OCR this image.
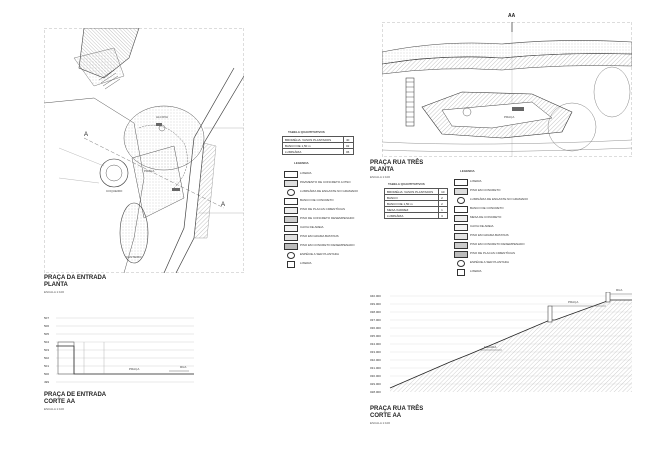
A
A
ALCOVA
PRAÇA
COQUEIRO
CANTEIRO
PRAÇA DA ENTRADA
PLANTA
ESCALA 1:100
TABELA QUANTITATIVOS
BROMÉLIA: VASOS PLANTADOS	40
BANCO DE 1,50 m	02
LUMINÁRIA	06
LEGENDA
LIXEIRA
PAVIMENTO DE CONCRETO A PISO
LUMINÁRIA DE ENGASTE NO GRAMADO
BANCO DE CONCRETO
PISO DE PLACAS CIMENTÍCIAS
PISO DE CONCRETO DESEMPENADO
CAIXA DE AREIA
PISO EM GRAMA BATATAIS
PISO EM CONCRETO DESEMPENADO
ESPÉCIE A SER PLANTADA
LIXEIRA
507
506
505
504
503
502
501
500
499
PRAÇA	RUA
PRAÇA DE ENTRADA
CORTE AA
ESCALA 1:100
AA
PRAÇA
PRAÇA RUA TRÊS
PLANTA
ESCALA 1:100
TABELA QUANTITATIVOS
BROMÉLIA: VASOS PLANTADOS	10
BANCO	2
BANCO DE 1,50 m	2
MESA XADREZ	1
LUMINÁRIA	3
LEGENDA
LIXEIRA
PISO EM CONCRETO
LUMINÁRIA DE ENGASTE NO GRAMADO
BANCO DE CONCRETO
MESA DE CONCRETO
CAIXA DE AREIA
PISO EM GRAMA BATATAIS
PISO EM CONCRETO DESEMPENADO
PISO DE PLACAS CIMENTÍCIAS
ESPÉCIE A SER PLANTADA
LIXEIRA
040.000
039.000
038.000
037.000
036.000
035.000
034.000
033.000
032.000
031.000
030.000
029.000
028.000
PRAÇA
RUA
ESCADA
PRAÇA RUA TRÊS
CORTE AA
ESCALA 1:100
